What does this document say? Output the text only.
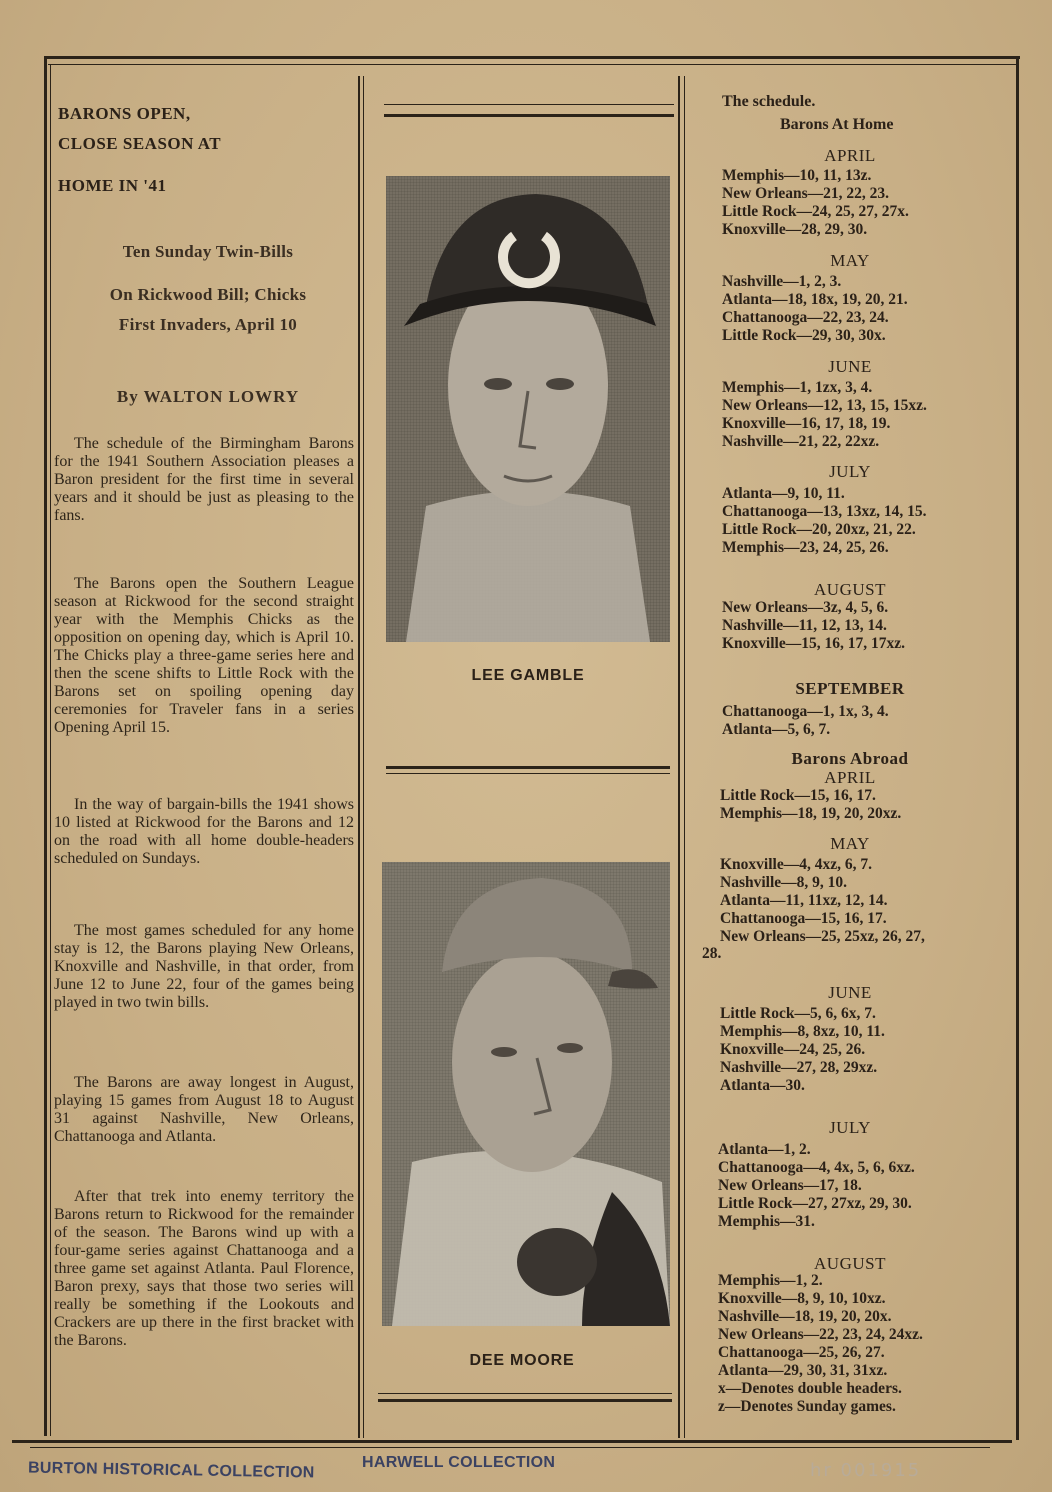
BARONS OPEN,
CLOSE SEASON AT
HOME IN '41
Ten Sunday Twin-Bills
On Rickwood Bill; Chicks
First Invaders, April 10
By WALTON LOWRY
The schedule of the Birmingham Barons for the 1941 Southern Association pleases a Baron president for the first time in several years and it should be just as pleasing to the fans.
The Barons open the Southern League season at Rickwood for the second straight year with the Memphis Chicks as the opposition on opening day, which is April 10. The Chicks play a three-game series here and then the scene shifts to Little Rock with the Barons set on spoiling opening day ceremonies for Traveler fans in a series Opening April 15.
In the way of bargain-bills the 1941 shows 10 listed at Rickwood for the Barons and 12 on the road with all home double-headers scheduled on Sundays.
The most games scheduled for any home stay is 12, the Barons playing New Orleans, Knoxville and Nashville, in that order, from June 12 to June 22, four of the games being played in two twin bills.
The Barons are away longest in August, playing 15 games from August 18 to August 31 against Nashville, New Orleans, Chattanooga and Atlanta.
After that trek into enemy territory the Barons return to Rickwood for the remainder of the season. The Barons wind up with a four-game series against Chattanooga and a three game set against Atlanta. Paul Florence, Baron prexy, says that those two series will really be something if the Lookouts and Crackers are up there in the first bracket with the Barons.
LEE GAMBLE
DEE MOORE
The schedule.
Barons At Home
APRIL
Memphis—10, 11, 13z.
New Orleans—21, 22, 23.
Little Rock—24, 25, 27, 27x.
Knoxville—28, 29, 30.
MAY
Nashville—1, 2, 3.
Atlanta—18, 18x, 19, 20, 21.
Chattanooga—22, 23, 24.
Little Rock—29, 30, 30x.
JUNE
Memphis—1, 1zx, 3, 4.
New Orleans—12, 13, 15, 15xz.
Knoxville—16, 17, 18, 19.
Nashville—21, 22, 22xz.
JULY
Atlanta—9, 10, 11.
Chattanooga—13, 13xz, 14, 15.
Little Rock—20, 20xz, 21, 22.
Memphis—23, 24, 25, 26.
AUGUST
New Orleans—3z, 4, 5, 6.
Nashville—11, 12, 13, 14.
Knoxville—15, 16, 17, 17xz.
SEPTEMBER
Chattanooga—1, 1x, 3, 4.
Atlanta—5, 6, 7.
Barons Abroad
APRIL
Little Rock—15, 16, 17.
Memphis—18, 19, 20, 20xz.
MAY
Knoxville—4, 4xz, 6, 7.
Nashville—8, 9, 10.
Atlanta—11, 11xz, 12, 14.
Chattanooga—15, 16, 17.
New Orleans—25, 25xz, 26, 27,
28.
JUNE
Little Rock—5, 6, 6x, 7.
Memphis—8, 8xz, 10, 11.
Knoxville—24, 25, 26.
Nashville—27, 28, 29xz.
Atlanta—30.
JULY
Atlanta—1, 2.
Chattanooga—4, 4x, 5, 6, 6xz.
New Orleans—17, 18.
Little Rock—27, 27xz, 29, 30.
Memphis—31.
AUGUST
Memphis—1, 2.
Knoxville—8, 9, 10, 10xz.
Nashville—18, 19, 20, 20x.
New Orleans—22, 23, 24, 24xz.
Chattanooga—25, 26, 27.
Atlanta—29, 30, 31, 31xz.
x—Denotes double headers.
z—Denotes Sunday games.
BURTON HISTORICAL COLLECTION	HARWELL COLLECTION	hr 001915
